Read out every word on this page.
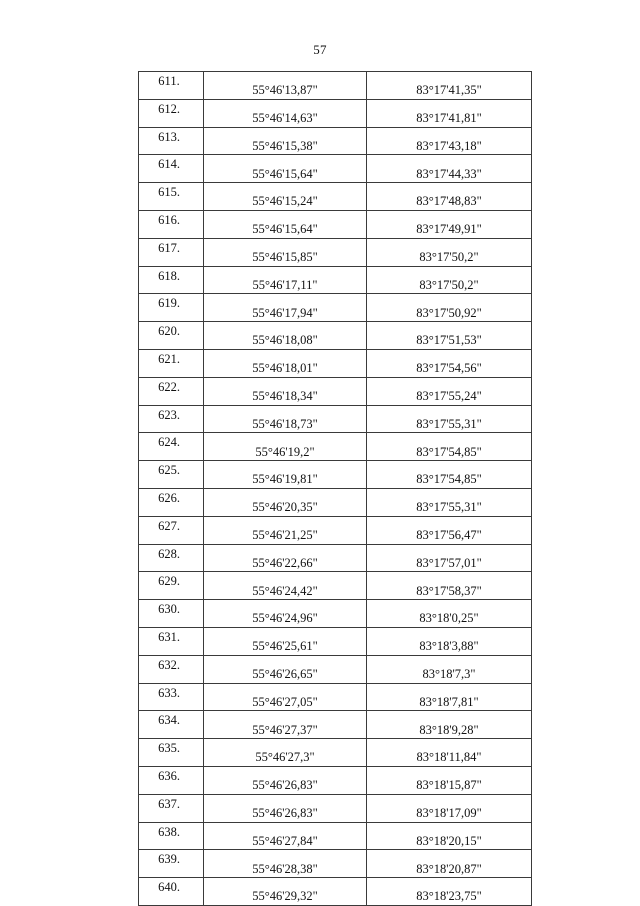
57
611.	55°46'13,87"	83°17'41,35"
612.	55°46'14,63"	83°17'41,81"
613.	55°46'15,38"	83°17'43,18"
614.	55°46'15,64"	83°17'44,33"
615.	55°46'15,24"	83°17'48,83"
616.	55°46'15,64"	83°17'49,91"
617.	55°46'15,85"	83°17'50,2"
618.	55°46'17,11"	83°17'50,2"
619.	55°46'17,94"	83°17'50,92"
620.	55°46'18,08"	83°17'51,53"
621.	55°46'18,01"	83°17'54,56"
622.	55°46'18,34"	83°17'55,24"
623.	55°46'18,73"	83°17'55,31"
624.	55°46'19,2"	83°17'54,85"
625.	55°46'19,81"	83°17'54,85"
626.	55°46'20,35"	83°17'55,31"
627.	55°46'21,25"	83°17'56,47"
628.	55°46'22,66"	83°17'57,01"
629.	55°46'24,42"	83°17'58,37"
630.	55°46'24,96"	83°18'0,25"
631.	55°46'25,61"	83°18'3,88"
632.	55°46'26,65"	83°18'7,3"
633.	55°46'27,05"	83°18'7,81"
634.	55°46'27,37"	83°18'9,28"
635.	55°46'27,3"	83°18'11,84"
636.	55°46'26,83"	83°18'15,87"
637.	55°46'26,83"	83°18'17,09"
638.	55°46'27,84"	83°18'20,15"
639.	55°46'28,38"	83°18'20,87"
640.	55°46'29,32"	83°18'23,75"
